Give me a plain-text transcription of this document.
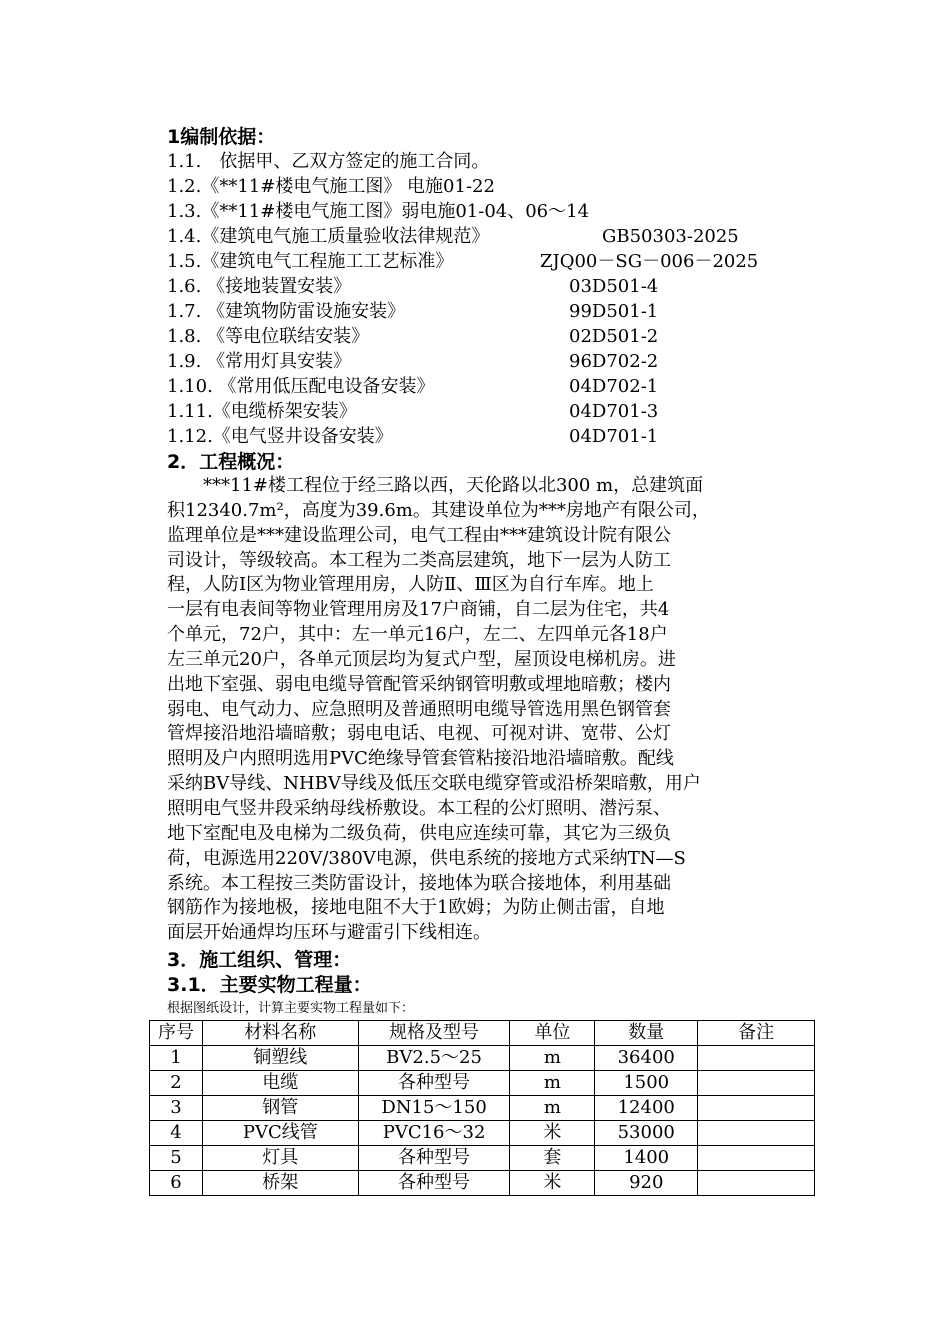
1编制依据：
1.1.　依据甲、乙双方签定的施工合同。
1.2.《**11#楼电气施工图》 电施01-22
1.3.《**11#楼电气施工图》弱电施01-04、06～14
1.4.《建筑电气施工质量验收法律规范》	GB50303-2025
1.5.《建筑电气工程施工工艺标准》	ZJQ00－SG－006－2025
1.6. 《接地装置安装》	03D501-4
1.7. 《建筑物防雷设施安装》	99D501-1
1.8. 《等电位联结安装》	02D501-2
1.9. 《常用灯具安装》	96D702-2
1.10. 《常用低压配电设备安装》	04D702-1
1.11.《电缆桥架安装》	04D701-3
1.12.《电气竖井设备安装》	04D701-1
2．工程概况：
　　***11#楼工程位于经三路以西，天伦路以北300 m，总建筑面
积12340.7m²，高度为39.6m。其建设单位为***房地产有限公司，
监理单位是***建设监理公司，电气工程由***建筑设计院有限公
司设计，等级较高。本工程为二类高层建筑，地下一层为人防工
程，人防Ⅰ区为物业管理用房，人防Ⅱ、Ⅲ区为自行车库。地上
一层有电表间等物业管理用房及17户商铺，自二层为住宅，共4
个单元，72户，其中：左一单元16户，左二、左四单元各18户
左三单元20户，各单元顶层均为复式户型，屋顶设电梯机房。进
出地下室强、弱电电缆导管配管采纳钢管明敷或埋地暗敷；楼内
弱电、电气动力、应急照明及普通照明电缆导管选用黑色钢管套
管焊接沿地沿墙暗敷；弱电电话、电视、可视对讲、宽带、公灯
照明及户内照明选用PVC绝缘导管套管粘接沿地沿墙暗敷。配线
采纳BV导线、NHBV导线及低压交联电缆穿管或沿桥架暗敷，用户
照明电气竖井段采纳母线桥敷设。本工程的公灯照明、潜污泵、
地下室配电及电梯为二级负荷，供电应连续可靠，其它为三级负
荷，电源选用220V/380V电源，供电系统的接地方式采纳TN—S
系统。本工程按三类防雷设计，接地体为联合接地体，利用基础
钢筋作为接地极，接地电阻不大于1欧姆；为防止侧击雷，自地
面层开始通焊均压环与避雷引下线相连。
3．施工组织、管理：
3.1．主要实物工程量：
根据图纸设计，计算主要实物工程量如下：
序号	材料名称	规格及型号	单位	数量	备注
1	铜塑线	BV2.5～25	m	36400	
2	电缆	各种型号	m	1500	
3	钢管	DN15～150	m	12400	
4	PVC线管	PVC16～32	米	53000	
5	灯具	各种型号	套	1400	
6	桥架	各种型号	米	920	
